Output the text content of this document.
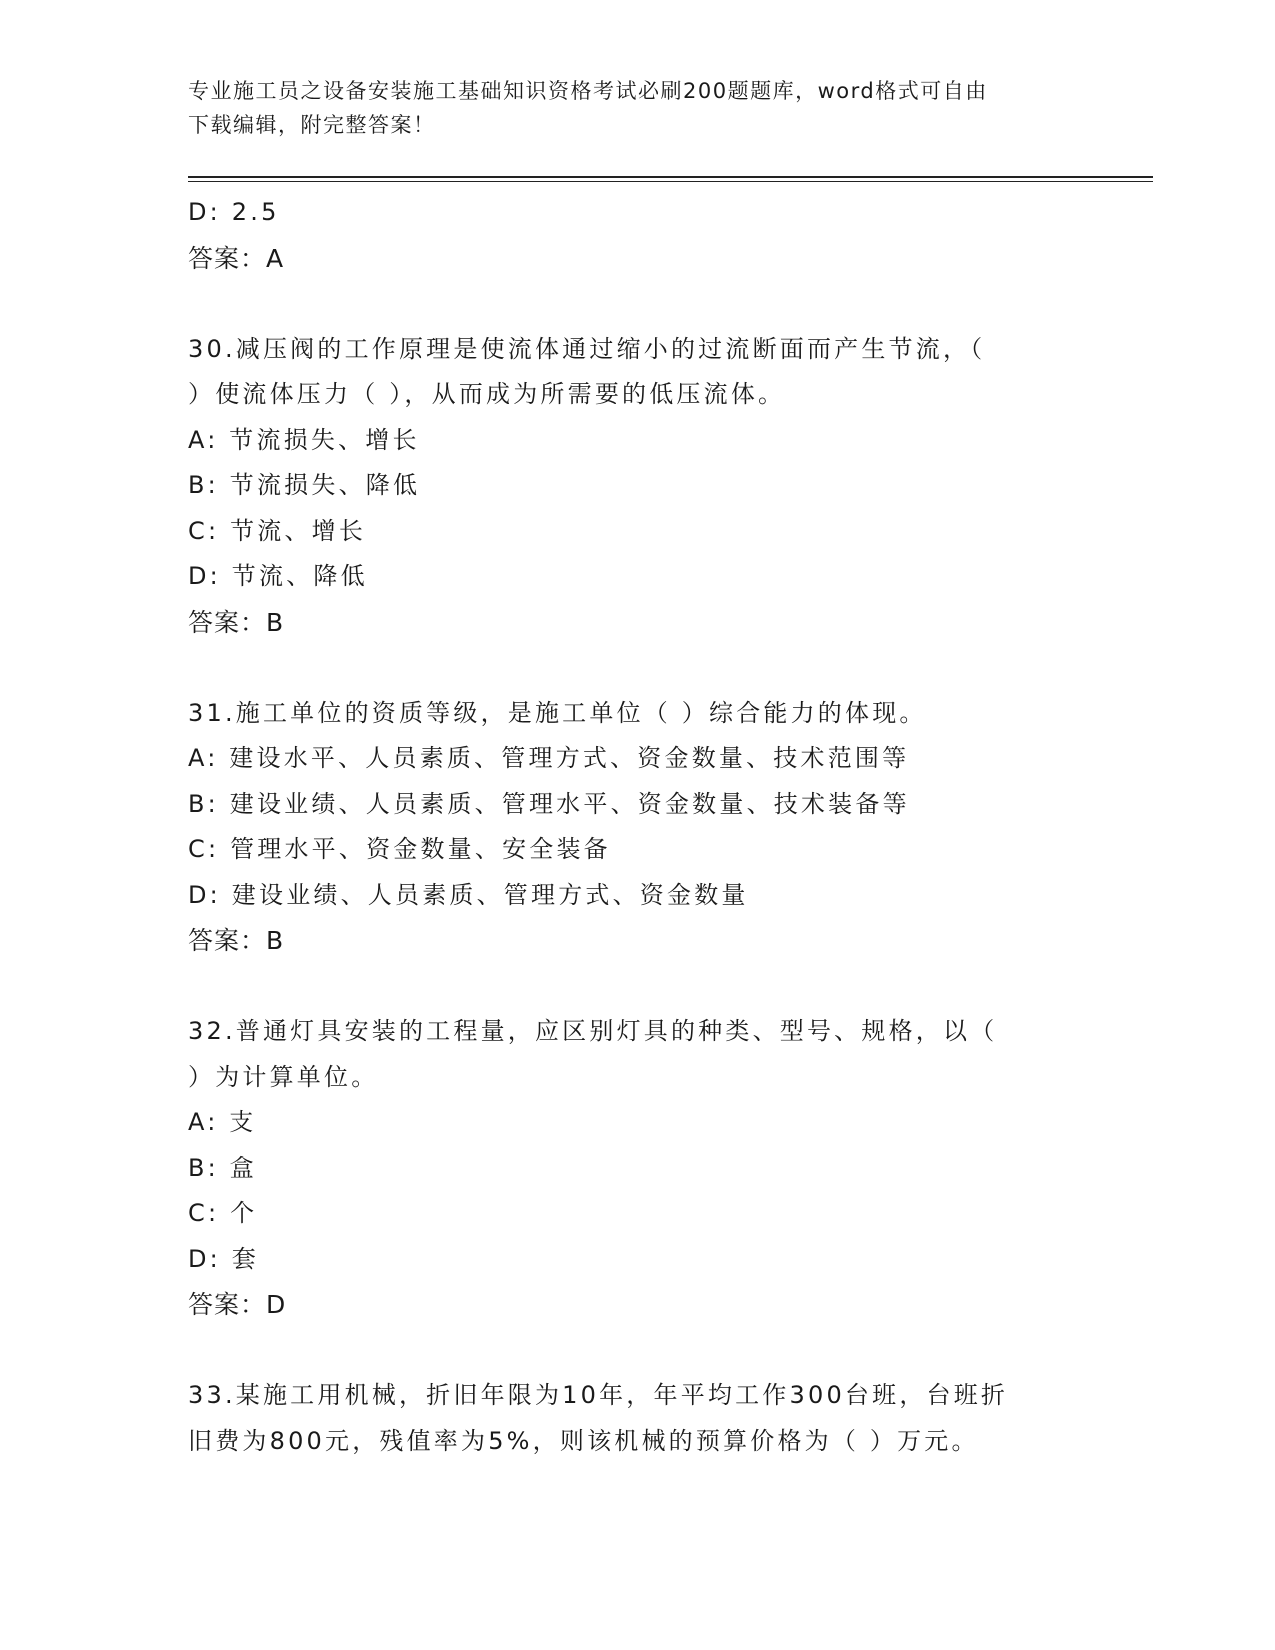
专业施工员之设备安装施工基础知识资格考试必刷200题题库，word格式可自由
下载编辑，附完整答案！
D: 2.5
答案：A
30.减压阀的工作原理是使流体通过缩小的过流断面而产生节流，（
）使流体压力（ ），从而成为所需要的低压流体。
A: 节流损失、增长
B: 节流损失、降低
C: 节流、增长
D: 节流、降低
答案：B
31.施工单位的资质等级，是施工单位（ ）综合能力的体现。
A: 建设水平、人员素质、管理方式、资金数量、技术范围等
B: 建设业绩、人员素质、管理水平、资金数量、技术装备等
C: 管理水平、资金数量、安全装备
D: 建设业绩、人员素质、管理方式、资金数量
答案：B
32.普通灯具安装的工程量，应区别灯具的种类、型号、规格，以（
）为计算单位。
A: 支
B: 盒
C: 个
D: 套
答案：D
33.某施工用机械，折旧年限为10年，年平均工作300台班，台班折
旧费为800元，残值率为5%，则该机械的预算价格为（ ）万元。
